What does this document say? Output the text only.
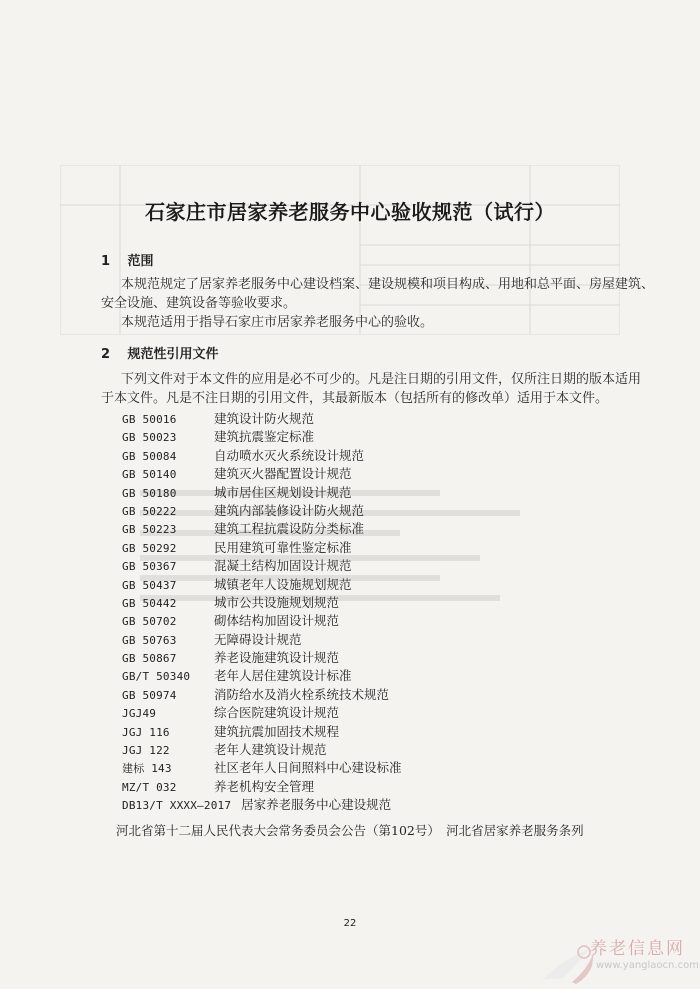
石家庄市居家养老服务中心验收规范（试行）
1 范围
本规范规定了居家养老服务中心建设档案、建设规模和项目构成、用地和总平面、房屋建筑、
安全设施、建筑设备等验收要求。
本规范适用于指导石家庄市居家养老服务中心的验收。
2 规范性引用文件
下列文件对于本文件的应用是必不可少的。凡是注日期的引用文件，仅所注日期的版本适用
于本文件。凡是不注日期的引用文件，其最新版本（包括所有的修改单）适用于本文件。
GB 50016	建筑设计防火规范
GB 50023	建筑抗震鉴定标准
GB 50084	自动喷水灭火系统设计规范
GB 50140	建筑灭火器配置设计规范
GB 50180	城市居住区规划设计规范
GB 50222	建筑内部装修设计防火规范
GB 50223	建筑工程抗震设防分类标准
GB 50292	民用建筑可靠性鉴定标准
GB 50367	混凝土结构加固设计规范
GB 50437	城镇老年人设施规划规范
GB 50442	城市公共设施规划规范
GB 50702	砌体结构加固设计规范
GB 50763	无障碍设计规范
GB 50867	养老设施建筑设计规范
GB/T 50340 老年人居住建筑设计标准
GB 50974	消防给水及消火栓系统技术规范
JGJ49	综合医院建筑设计规范
JGJ 116	建筑抗震加固技术规程
JGJ 122	老年人建筑设计规范
建标 143	社区老年人日间照料中心建设标准
MZ/T 032	养老机构安全管理
DB13/T XXXX—2017 居家养老服务中心建设规范
河北省第十二届人民代表大会常务委员会公告（第102号）　河北省居家养老服务条列
22
养老信息网
www.yanglaocn.com
